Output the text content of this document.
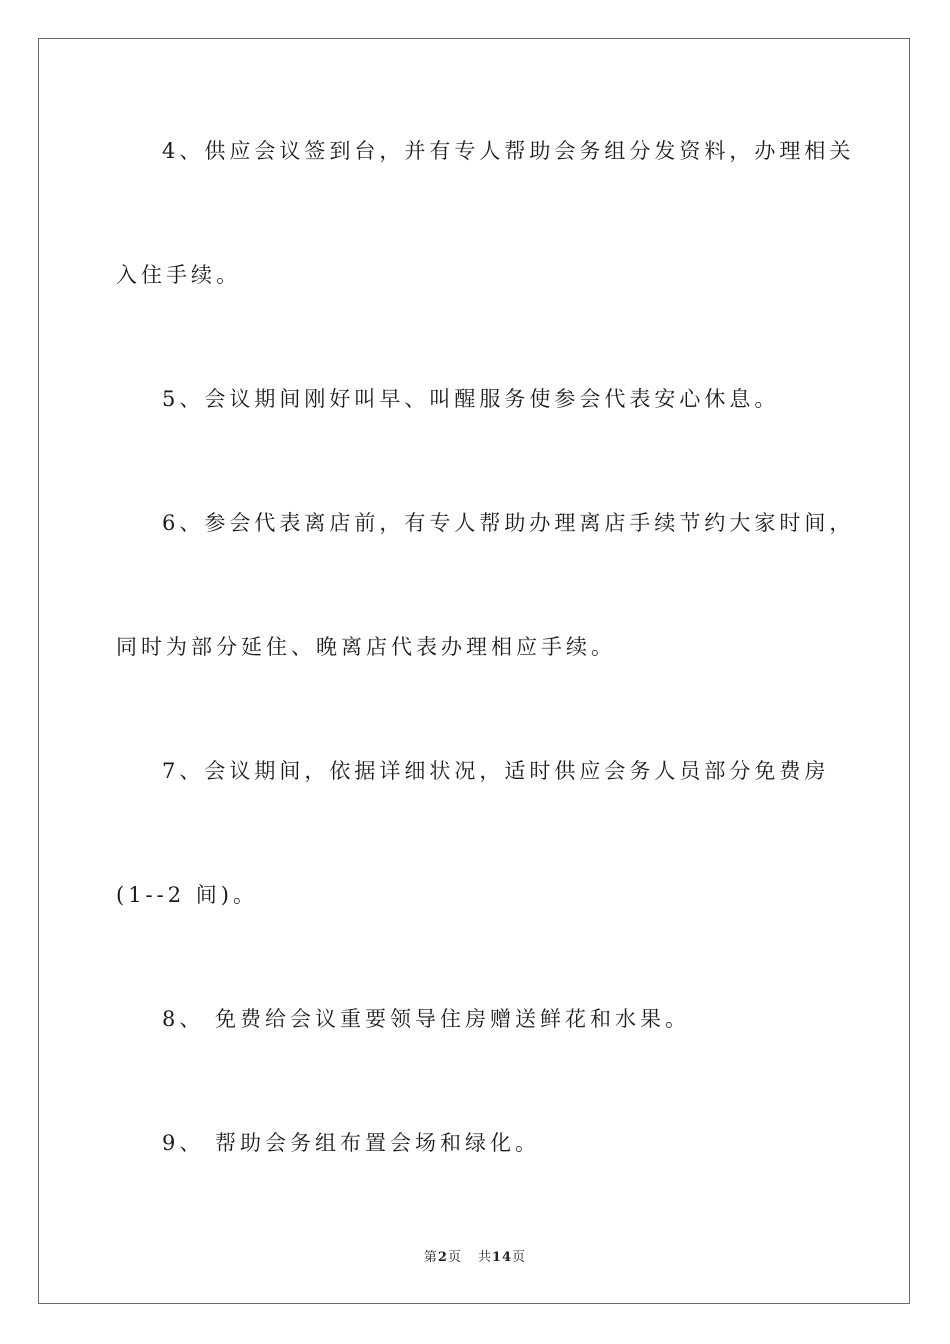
4、供应会议签到台，并有专人帮助会务组分发资料，办理相关
入住手续。
5、会议期间刚好叫早、叫醒服务使参会代表安心休息。
6、参会代表离店前，有专人帮助办理离店手续节约大家时间，
同时为部分延住、晚离店代表办理相应手续。
7、会议期间，依据详细状况，适时供应会务人员部分免费房
(1--2 间)。
8、 免费给会议重要领导住房赠送鲜花和水果。
9、 帮助会务组布置会场和绿化。
第2页 共14页
